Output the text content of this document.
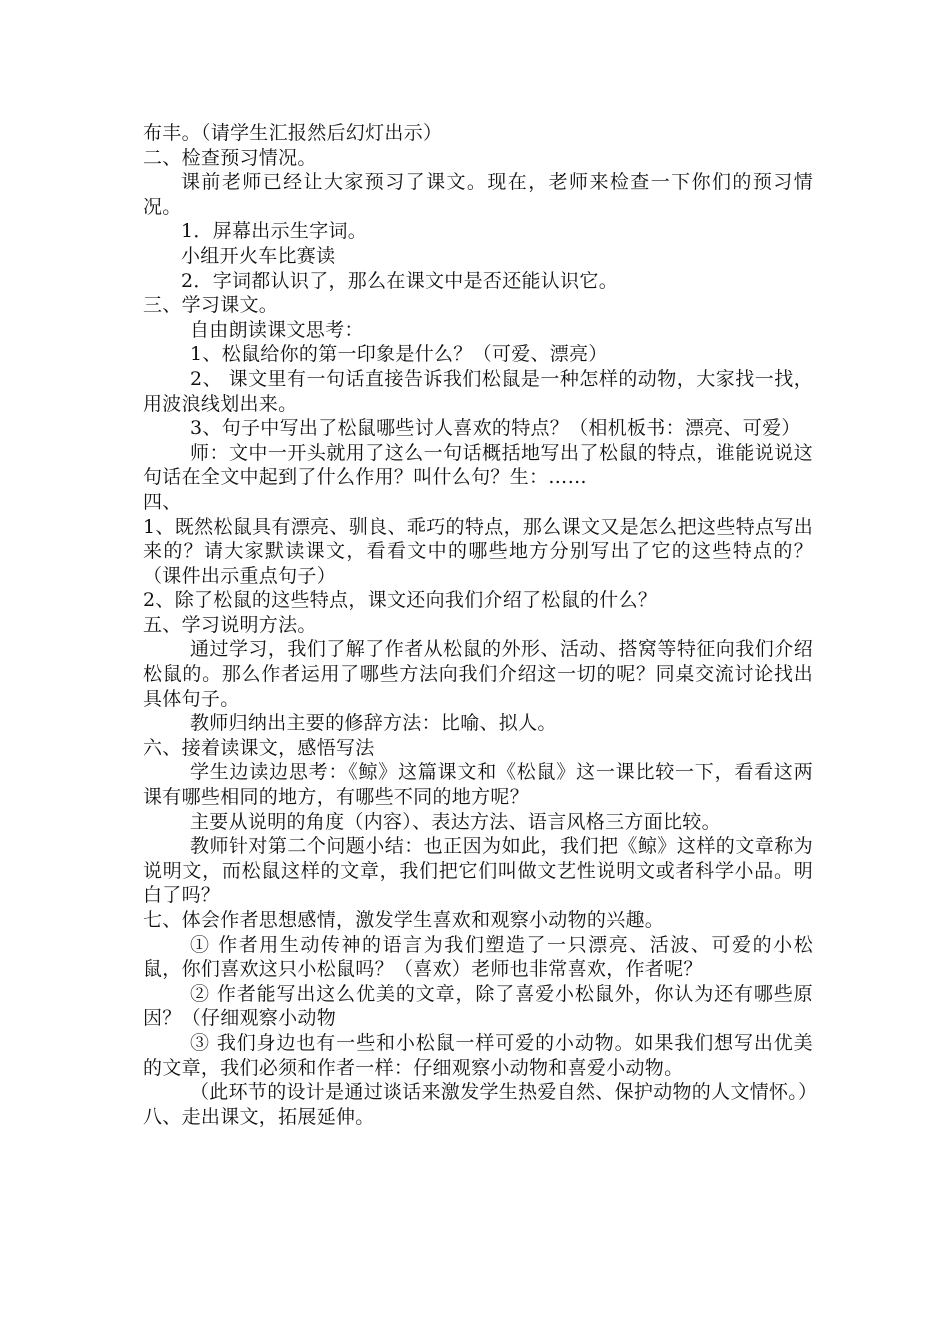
布丰。（请学生汇报然后幻灯出示）

二、检查预习情况。

课前老师已经让大家预习了课文。现在，老师来检查一下你们的预习情况。

1．屏幕出示生字词。

小组开火车比赛读

2．字词都认识了，那么在课文中是否还能认识它。

三、学习课文。

自由朗读课文思考：

1、松鼠给你的第一印象是什么？（可爱、漂亮）

2、 课文里有一句话直接告诉我们松鼠是一种怎样的动物，大家找一找，用波浪线划出来。

3、句子中写出了松鼠哪些讨人喜欢的特点？（相机板书：漂亮、可爱）

师：文中一开头就用了这么一句话概括地写出了松鼠的特点，谁能说说这句话在全文中起到了什么作用？叫什么句？生：……

四、

1、既然松鼠具有漂亮、驯良、乖巧的特点，那么课文又是怎么把这些特点写出来的？请大家默读课文，看看文中的哪些地方分别写出了它的这些特点的？（课件出示重点句子）

2、除了松鼠的这些特点，课文还向我们介绍了松鼠的什么？

五、学习说明方法。

通过学习，我们了解了作者从松鼠的外形、活动、搭窝等特征向我们介绍松鼠的。那么作者运用了哪些方法向我们介绍这一切的呢？同桌交流讨论找出具体句子。

教师归纳出主要的修辞方法：比喻、拟人。

六、接着读课文，感悟写法

学生边读边思考：《鲸》这篇课文和《松鼠》这一课比较一下，看看这两课有哪些相同的地方，有哪些不同的地方呢？

主要从说明的角度（内容）、表达方法、语言风格三方面比较。

教师针对第二个问题小结：也正因为如此，我们把《鲸》这样的文章称为说明文，而松鼠这样的文章，我们把它们叫做文艺性说明文或者科学小品。明白了吗？

七、体会作者思想感情，激发学生喜欢和观察小动物的兴趣。

① 作者用生动传神的语言为我们塑造了一只漂亮、活波、可爱的小松鼠，你们喜欢这只小松鼠吗？（喜欢）老师也非常喜欢，作者呢？

② 作者能写出这么优美的文章，除了喜爱小松鼠外，你认为还有哪些原因？（仔细观察小动物

③ 我们身边也有一些和小松鼠一样可爱的小动物。如果我们想写出优美的文章，我们必须和作者一样：仔细观察小动物和喜爱小动物。

（此环节的设计是通过谈话来激发学生热爱自然、保护动物的人文情怀。）

八、走出课文，拓展延伸。
